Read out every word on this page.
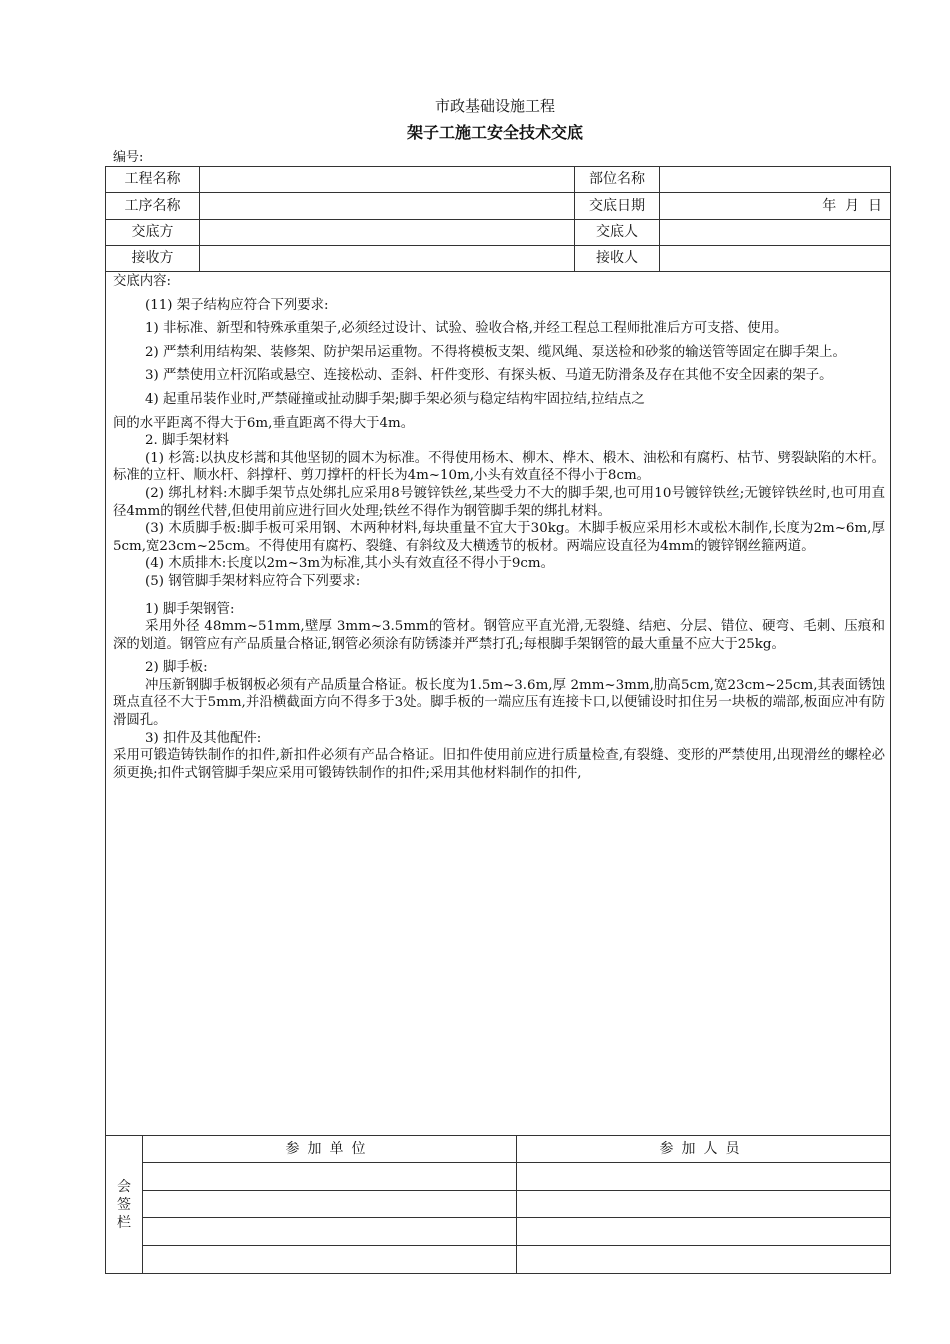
市政基础设施工程
架子工施工安全技术交底
编号:
工程名称	部位名称
工序名称	交底日期	年  月  日
交底方	交底人
接收方	接收人

交底内容:

(11) 架子结构应符合下列要求:

1) 非标准、新型和特殊承重架子,必须经过设计、试验、验收合格,并经工程总工程师批准后方可支搭、使用。

2) 严禁利用结构架、装修架、防护架吊运重物。不得将模板支架、缆风绳、泵送检和砂浆的输送管等固定在脚手架上。

3) 严禁使用立杆沉陷或悬空、连接松动、歪斜、杆件变形、有探头板、马道无防滑条及存在其他不安全因素的架子。

4) 起重吊装作业时,严禁碰撞或扯动脚手架;脚手架必须与稳定结构牢固拉结,拉结点之

间的水平距离不得大于6m,垂直距离不得大于4m。

2. 脚手架材料

(1) 杉篙:以执皮杉蒿和其他坚韧的圆木为标准。不得使用杨木、柳木、桦木、椴木、油松和有腐朽、枯节、劈裂缺陷的木杆。标准的立杆、顺水杆、斜撑杆、剪刀撑杆的杆长为4m~10m,小头有效直径不得小于8cm。

(2) 绑扎材料:木脚手架节点处绑扎应采用8号镀锌铁丝,某些受力不大的脚手架,也可用10号镀锌铁丝;无镀锌铁丝时,也可用直径4mm的钢丝代替,但使用前应进行回火处理;铁丝不得作为钢管脚手架的绑扎材料。

(3) 木质脚手板:脚手板可采用钢、木两种材料,每块重量不宜大于30kg。木脚手板应采用杉木或松木制作,长度为2m~6m,厚5cm,宽23cm~25cm。不得使用有腐朽、裂缝、有斜纹及大横透节的板材。两端应设直径为4mm的镀锌钢丝箍两道。

(4) 木质排木:长度以2m~3m为标准,其小头有效直径不得小于9cm。

(5) 钢管脚手架材料应符合下列要求:

1) 脚手架钢管:

采用外径 48mm~51mm,壁厚 3mm~3.5mm的管材。钢管应平直光滑,无裂缝、结疤、分层、错位、硬弯、毛刺、压痕和深的划道。钢管应有产品质量合格证,钢管必须涂有防锈漆并严禁打孔;每根脚手架钢管的最大重量不应大于25kg。

2) 脚手板:

冲压新钢脚手板钢板必须有产品质量合格证。板长度为1.5m~3.6m,厚 2mm~3mm,肋高5cm,宽23cm~25cm,其表面锈蚀斑点直径不大于5mm,并沿横截面方向不得多于3处。脚手板的一端应压有连接卡口,以便铺设时扣住另一块板的端部,板面应冲有防滑圆孔。

3) 扣件及其他配件:

采用可锻造铸铁制作的扣件,新扣件必须有产品合格证。旧扣件使用前应进行质量检查,有裂缝、变形的严禁使用,出现滑丝的螺栓必须更换;扣件式钢管脚手架应采用可锻铸铁制作的扣件;采用其他材料制作的扣件,

会
签
栏
参加单位	参加人员
